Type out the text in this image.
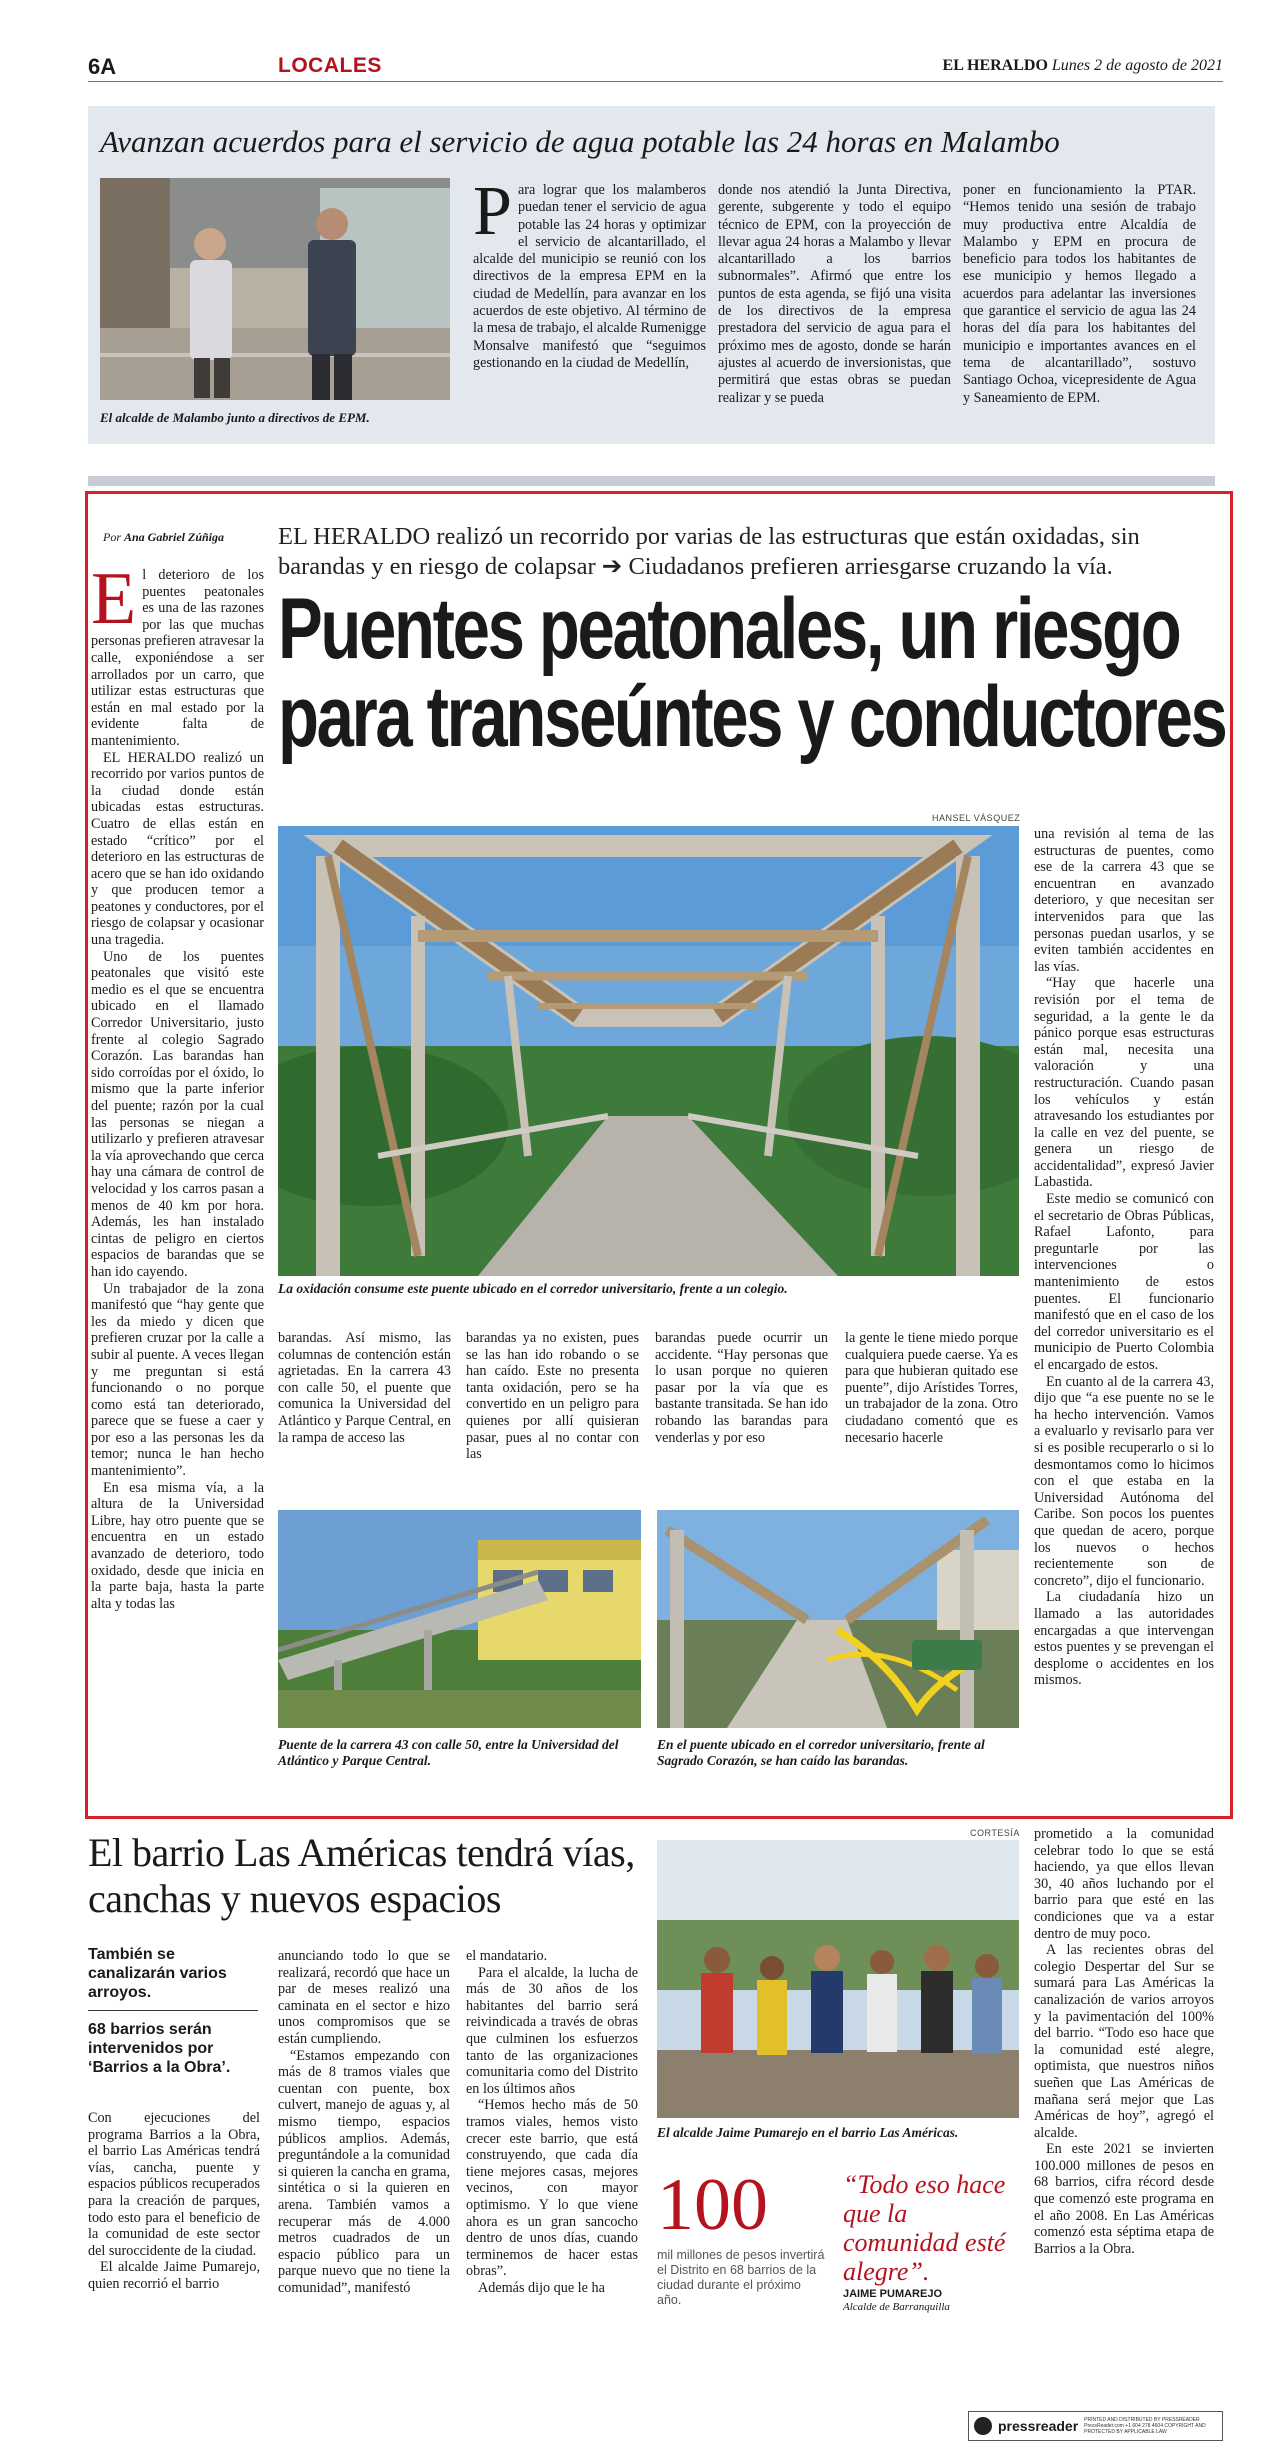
6A	LOCALES	EL HERALDO Lunes 2 de agosto de 2021
Avanzan acuerdos para el servicio de agua potable las 24 horas en Malambo
El alcalde de Malambo junto a directivos de EPM.
P ara lograr que los malamberos puedan tener el servicio de agua potable las 24 horas y optimizar el servicio de alcantarillado, el alcalde del municipio se reunió con los directivos de la empresa EPM en la ciudad de Medellín, para avanzar en los acuerdos de este objetivo. Al término de la mesa de trabajo, el alcalde Rumenigge Monsalve manifestó que “seguimos gestionando en la ciudad de Medellín,
donde nos atendió la Junta Directiva, gerente, subgerente y todo el equipo técnico de EPM, con la proyección de llevar agua 24 horas a Malambo y llevar alcantarillado a los barrios subnormales”. Afirmó que entre los puntos de esta agenda, se fijó una visita de los directivos de la empresa prestadora del servicio de agua para el próximo mes de agosto, donde se harán ajustes al acuerdo de inversionistas, que permitirá que estas obras se puedan realizar y se pueda
poner en funcionamiento la PTAR. “Hemos tenido una sesión de trabajo muy productiva entre Alcaldía de Malambo y EPM en procura de beneficio para todos los habitantes de ese municipio y hemos llegado a acuerdos para adelantar las inversiones que garantice el servicio de agua las 24 horas del día para los habitantes del municipio e importantes avances en el tema de alcantarillado”, sostuvo Santiago Ochoa, vicepresidente de Agua y Saneamiento de EPM.
Por Ana Gabriel Zúñiga EL HERALDO realizó un recorrido por varias de las estructuras que están oxidadas, sin barandas y en riesgo de colapsar ➔ Ciudadanos prefieren arriesgarse cruzando la vía.
Puentes peatonales, un riesgo
para transeúntes y conductores
HANSEL VÁSQUEZ
La oxidación consume este puente ubicado en el corredor universitario, frente a un colegio.

E l deterioro de los puentes peatonales es una de las razones por las que muchas personas prefieren atravesar la calle, exponiéndose a ser arrollados por un carro, que utilizar estas estructuras que están en mal estado por la evidente falta de mantenimiento.

EL HERALDO realizó un recorrido por varios puntos de la ciudad donde están ubicadas estas estructuras. Cuatro de ellas están en estado “crítico” por el deterioro en las estructuras de acero que se han ido oxidando y que producen temor a peatones y conductores, por el riesgo de colapsar y ocasionar una tragedia.

Uno de los puentes peatonales que visitó este medio es el que se encuentra ubicado en el llamado Corredor Universitario, justo frente al colegio Sagrado Corazón. Las barandas han sido corroídas por el óxido, lo mismo que la parte inferior del puente; razón por la cual las personas se niegan a utilizarlo y prefieren atravesar la vía aprovechando que cerca hay una cámara de control de velocidad y los carros pasan a menos de 40 km por hora. Además, les han instalado cintas de peligro en ciertos espacios de barandas que se han ido cayendo.

Un trabajador de la zona manifestó que “hay gente que les da miedo y dicen que prefieren cruzar por la calle a subir al puente. A veces llegan y me preguntan si está funcionando o no porque como está tan deteriorado, parece que se fuese a caer y por eso a las personas les da temor; nunca le han hecho mantenimiento”.

En esa misma vía, a la altura de la Universidad Libre, hay otro puente que se encuentra en un estado avanzado de deterioro, todo oxidado, desde que inicia en la parte baja, hasta la parte alta y todas las

barandas. Así mismo, las columnas de contención están agrietadas. En la carrera 43 con calle 50, el puente que comunica la Universidad del Atlántico y Parque Central, en la rampa de acceso las
barandas ya no existen, pues se las han ido robando o se han caído. Este no presenta tanta oxidación, pero se ha convertido en un peligro para quienes por allí quisieran pasar, pues al no contar con las
barandas puede ocurrir un accidente. “Hay personas que lo usan porque no quieren pasar por la vía que es bastante transitada. Se han ido robando las barandas para venderlas y por eso
la gente le tiene miedo porque cualquiera puede caerse. Ya es para que hubieran quitado ese puente”, dijo Arístides Torres, un trabajador de la zona. Otro ciudadano comentó que es necesario hacerle

una revisión al tema de las estructuras de puentes, como ese de la carrera 43 que se encuentran en avanzado deterioro, y que necesitan ser intervenidos para que las personas puedan usarlos, y se eviten también accidentes en las vías.

“Hay que hacerle una revisión por el tema de seguridad, a la gente le da pánico porque esas estructuras están mal, necesita una valoración y una restructuración. Cuando pasan los vehículos y están atravesando los estudiantes por la calle en vez del puente, se genera un riesgo de accidentalidad”, expresó Javier Labastida.

Este medio se comunicó con el secretario de Obras Públicas, Rafael Lafonto, para preguntarle por las intervenciones o mantenimiento de estos puentes. El funcionario manifestó que en el caso de los del corredor universitario es el municipio de Puerto Colombia el encargado de estos.

En cuanto al de la carrera 43, dijo que “a ese puente no se le ha hecho intervención. Vamos a evaluarlo y revisarlo para ver si es posible recuperarlo o si lo desmontamos como lo hicimos con el que estaba en la Universidad Autónoma del Caribe. Son pocos los puentes que quedan de acero, porque los nuevos o hechos recientemente son de concreto”, dijo el funcionario.

La ciudadanía hizo un llamado a las autoridades encargadas a que intervengan estos puentes y se prevengan el desplome o accidentes en los mismos.

Puente de la carrera 43 con calle 50, entre la Universidad del Atlántico y Parque Central.
En el puente ubicado en el corredor universitario, frente al Sagrado Corazón, se han caído las barandas.
El barrio Las Américas tendrá vías, canchas y nuevos espacios
También se canalizarán varios arroyos.
68 barrios serán intervenidos por ‘Barrios a la Obra’.

Con ejecuciones del programa Barrios a la Obra, el barrio Las Américas tendrá vías, cancha, puente y espacios públicos recuperados para la creación de parques, todo esto para el beneficio de la comunidad de este sector del suroccidente de la ciudad.

El alcalde Jaime Pumarejo, quien recorrió el barrio

anunciando todo lo que se realizará, recordó que hace un par de meses realizó una caminata en el sector e hizo unos compromisos que se están cumpliendo.

“Estamos empezando con más de 8 tramos viales que cuentan con puente, box culvert, manejo de aguas y, al mismo tiempo, espacios públicos amplios. Además, preguntándole a la comunidad si quieren la cancha en grama, sintética o si la quieren en arena. También vamos a recuperar más de 4.000 metros cuadrados de un espacio público para un parque nuevo que no tiene la comunidad”, manifestó

el mandatario.

Para el alcalde, la lucha de más de 30 años de los habitantes del barrio será reivindicada a través de obras que culminen los esfuerzos tanto de las organizaciones comunitaria como del Distrito en los últimos años

“Hemos hecho más de 50 tramos viales, hemos visto crecer este barrio, que está construyendo, que cada día tiene mejores casas, mejores vecinos, con mayor optimismo. Y lo que viene ahora es un gran sancocho dentro de unos días, cuando terminemos de hacer estas obras”.

Además dijo que le ha

CORTESÍA
El alcalde Jaime Pumarejo en el barrio Las Américas.
100
mil millones de pesos invertirá el Distrito en 68 barrios de la ciudad durante el próximo año.
“Todo eso hace que la comunidad esté alegre”.
JAIME PUMAREJO
Alcalde de Barranquilla

prometido a la comunidad celebrar todo lo que se está haciendo, ya que ellos llevan 30, 40 años luchando por el barrio para que esté en las condiciones que va a estar dentro de muy poco.

A las recientes obras del colegio Despertar del Sur se sumará para Las Américas la canalización de varios arroyos y la pavimentación del 100% del barrio. “Todo eso hace que la comunidad esté alegre, optimista, que nuestros niños sueñen que Las Américas de mañana será mejor que Las Américas de hoy”, agregó el alcalde.

En este 2021 se invierten 100.000 millones de pesos en 68 barrios, cifra récord desde que comenzó este programa en el año 2008. En Las Américas comenzó esta séptima etapa de Barrios a la Obra.

pressreader PRINTED AND DISTRIBUTED BY PRESSREADER PressReader.com +1 604 278 4604 COPYRIGHT AND PROTECTED BY APPLICABLE LAW
